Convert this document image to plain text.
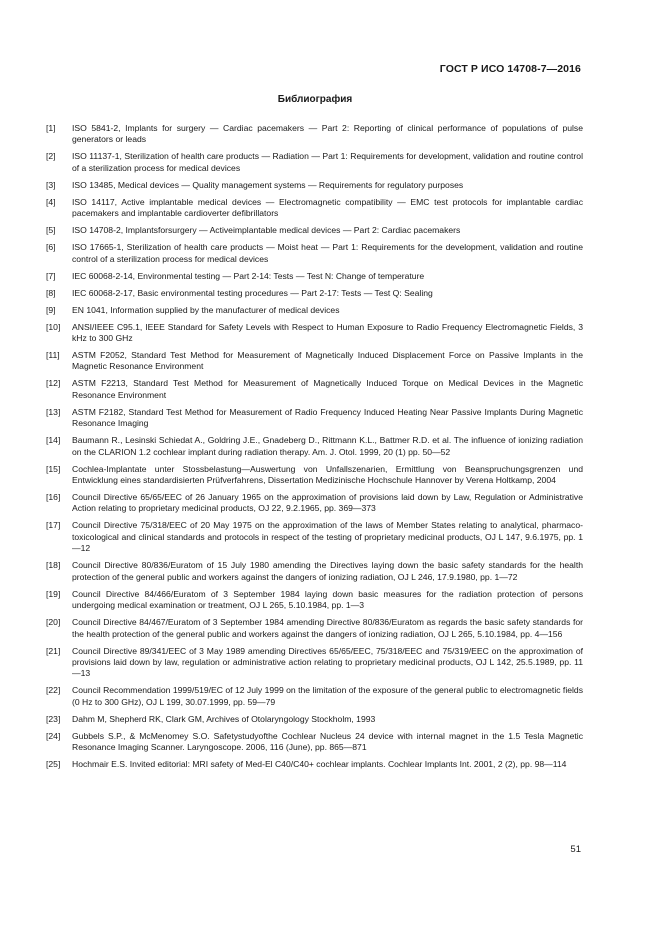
ГОСТ Р ИСО 14708-7—2016
Библиография
[1]	ISO 5841-2, Implants for surgery — Cardiac pacemakers — Part 2: Reporting of clinical performance of populations of pulse generators or leads
[2]	ISO 11137-1, Sterilization of health care products — Radiation — Part 1: Requirements for development, validation and routine control of a sterilization process for medical devices
[3]	ISO 13485, Medical devices — Quality management systems — Requirements for regulatory purposes
[4]	ISO 14117, Active implantable medical devices — Electromagnetic compatibility — EMC test protocols for implantable cardiac pacemakers and implantable cardioverter defibrillators
[5]	ISO 14708-2, Implantsforsurgery — Activeimplantable medical devices — Part 2: Cardiac pacemakers
[6]	ISO 17665-1, Sterilization of health care products — Moist heat — Part 1: Requirements for the development, validation and routine control of a sterilization process for medical devices
[7]	IEC 60068-2-14, Environmental testing — Part 2-14: Tests — Test N: Change of temperature
[8]	IEC 60068-2-17, Basic environmental testing procedures — Part 2-17: Tests — Test Q: Sealing
[9]	EN 1041, Information supplied by the manufacturer of medical devices
[10]	ANSI/IEEE C95.1, IEEE Standard for Safety Levels with Respect to Human Exposure to Radio Frequency Electromagnetic Fields, 3 kHz to 300 GHz
[11]	ASTM F2052, Standard Test Method for Measurement of Magnetically Induced Displacement Force on Passive Implants in the Magnetic Resonance Environment
[12]	ASTM F2213, Standard Test Method for Measurement of Magnetically Induced Torque on Medical Devices in the Magnetic Resonance Environment
[13]	ASTM F2182, Standard Test Method for Measurement of Radio Frequency Induced Heating Near Passive Implants During Magnetic Resonance Imaging
[14]	Baumann R., Lesinski Schiedat A., Goldring J.E., Gnadeberg D., Rittmann K.L., Battmer R.D. et al. The influence of ionizing radiation on the CLARION 1.2 cochlear implant during radiation therapy. Am. J. Otol. 1999, 20 (1) pp. 50—52
[15]	Cochlea-Implantate unter Stossbelastung—Auswertung von Unfallszenarien, Ermittlung von Beanspruchungsgrenzen und Entwicklung eines standardisierten Prüfverfahrens, Dissertation Medizinische Hochschule Hannover by Verena Holtkamp, 2004
[16]	Council Directive 65/65/EEC of 26 January 1965 on the approximation of provisions laid down by Law, Regulation or Administrative Action relating to proprietary medicinal products, OJ 22, 9.2.1965, pp. 369—373
[17]	Council Directive 75/318/EEC of 20 May 1975 on the approximation of the laws of Member States relating to analytical, pharmaco-toxicological and clinical standards and protocols in respect of the testing of proprietary medicinal products, OJ L 147, 9.6.1975, pp. 1—12
[18]	Council Directive 80/836/Euratom of 15 July 1980 amending the Directives laying down the basic safety standards for the health protection of the general public and workers against the dangers of ionizing radiation, OJ L 246, 17.9.1980, pp. 1—72
[19]	Council Directive 84/466/Euratom of 3 September 1984 laying down basic measures for the radiation protection of persons undergoing medical examination or treatment, OJ L 265, 5.10.1984, pp. 1—3
[20]	Council Directive 84/467/Euratom of 3 September 1984 amending Directive 80/836/Euratom as regards the basic safety standards for the health protection of the general public and workers against the dangers of ionizing radiation, OJ L 265, 5.10.1984, pp. 4—156
[21]	Council Directive 89/341/EEC of 3 May 1989 amending Directives 65/65/EEC, 75/318/EEC and 75/319/EEC on the approximation of provisions laid down by law, regulation or administrative action relating to proprietary medicinal products, OJ L 142, 25.5.1989, pp. 11—13
[22]	Council Recommendation 1999/519/EC of 12 July 1999 on the limitation of the exposure of the general public to electromagnetic fields (0 Hz to 300 GHz), OJ L 199, 30.07.1999, pp. 59—79
[23]	Dahm M, Shepherd RK, Clark GM, Archives of Otolaryngology Stockholm, 1993
[24]	Gubbels S.P., & McMenomey S.O. Safetystudyofthe Cochlear Nucleus 24 device with internal magnet in the 1.5 Tesla Magnetic Resonance Imaging Scanner. Laryngoscope. 2006, 116 (June), pp. 865—871
[25]	Hochmair E.S. Invited editorial: MRI safety of Med-El C40/C40+ cochlear implants. Cochlear Implants Int. 2001, 2 (2), pp. 98—114
51
